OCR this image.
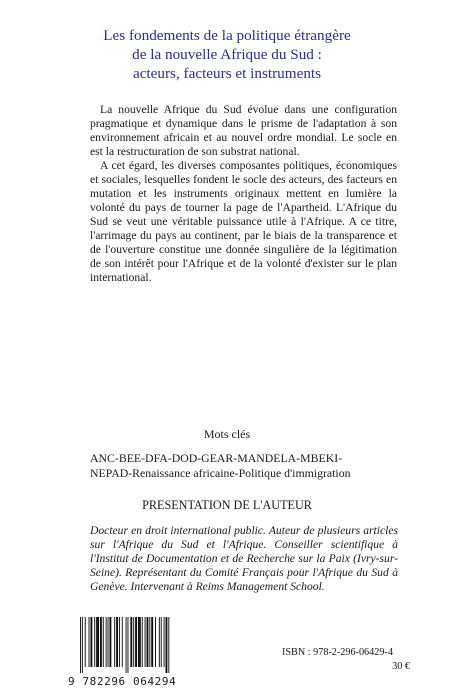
Les fondements de la politique étrangère
de la nouvelle Afrique du Sud :
acteurs, facteurs et instruments

La nouvelle Afrique du Sud évolue dans une configuration pragmatique et dynamique dans le prisme de l'adaptation à son environnement africain et au nouvel ordre mondial. Le socle en est la restructuration de son substrat national.

A cet égard, les diverses composantes politiques, économiques et sociales, lesquelles fondent le socle des acteurs, des facteurs en mutation et les instruments originaux mettent en lumière la volonté du pays de tourner la page de l'Apartheid. L'Afrique du Sud se veut une véritable puissance utile à l'Afrique. A ce titre, l'arrimage du pays au continent, par le biais de la transparence et de l'ouverture constitue une donnée singulière de la légitimation de son intérêt pour l'Afrique et de la volonté d'exister sur le plan international.

Mots clés
ANC-BEE-DFA-DOD-GEAR-MANDELA-MBEKI-
NEPAD-Renaissance africaine-Politique d'immigration
PRESENTATION DE L'AUTEUR
Docteur en droit international public. Auteur de plusieurs articles sur l'Afrique du Sud et l'Afrique. Conseiller scientifique à l'Institut de Documentation et de Recherche sur la Paix (Ivry-sur-Seine). Représentant du Comité Français pour l'Afrique du Sud à Genève. Intervenant à Reims Management School.
9 782296 064294
ISBN : 978-2-296-06429-4
30 €
